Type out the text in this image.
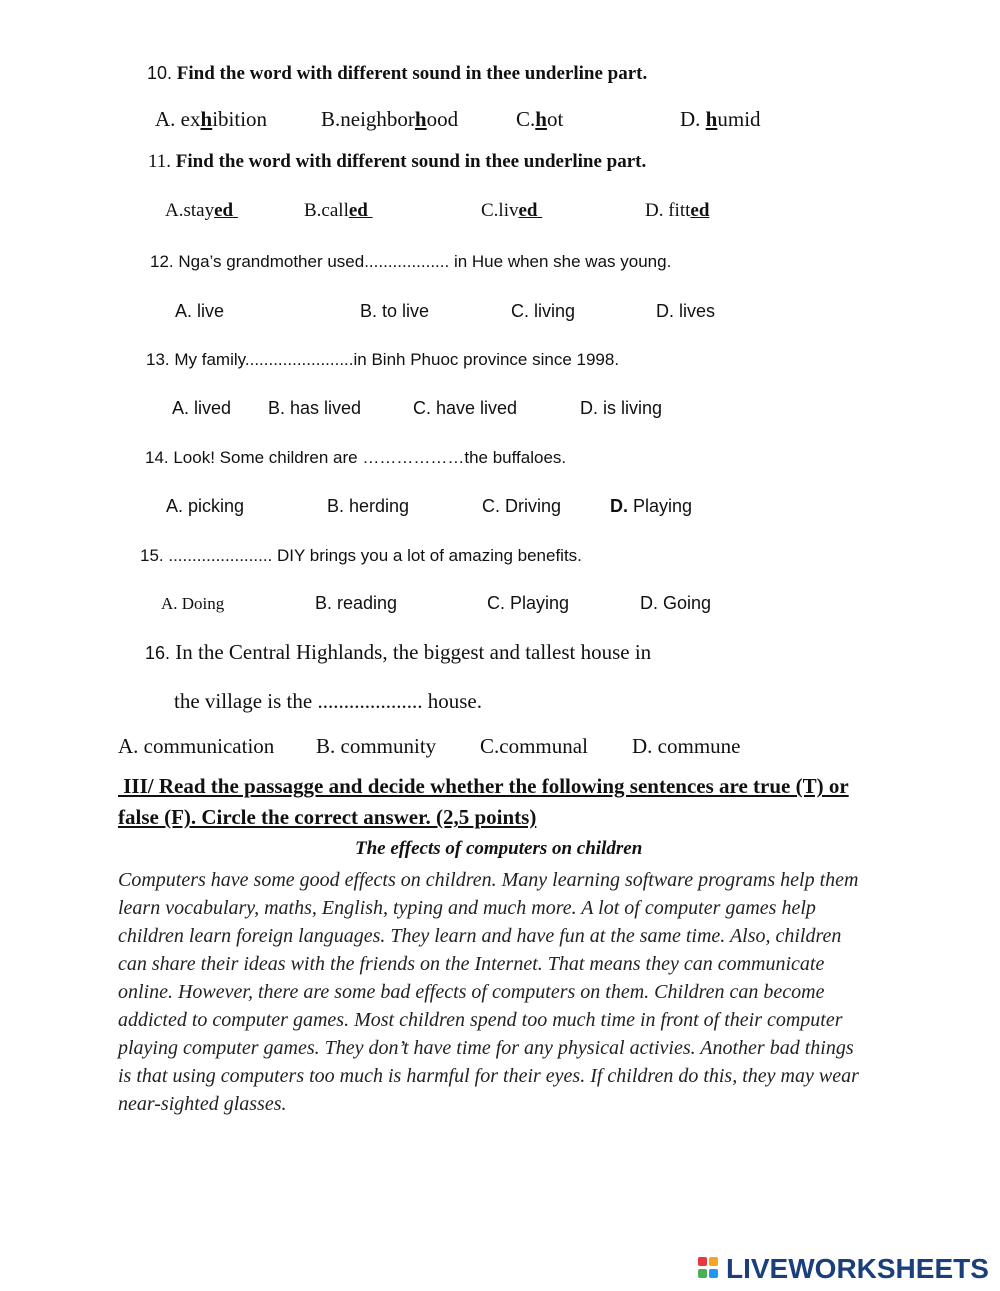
10. Find the word with different sound in thee underline part.
A. exhibition	B.neighborhood	C.hot	D. humid
11. Find the word with different sound in thee underline part.
A.stayed	B.called	C.lived	D. fitted
12. Nga’s grandmother used.................. in Hue when she was young.
A. live	B. to live	C. living	D. lives
13. My family.......................in Binh Phuoc province since 1998.
A. lived B. has lived	C. have lived	D. is living
14. Look! Some children are ………………the buffaloes.
A. picking	B. herding	C. Driving	D. Playing
15. ...................... DIY brings you a lot of amazing benefits.
A. Doing	B. reading	C. Playing	D. Going
16. In the Central Highlands, the biggest and tallest house in
the village is the .................... house.
A. communication B. community C.communal D. commune
III/ Read the passagge and decide whether the following sentences are true (T) or
false (F). Circle the correct answer. (2,5 points)
The effects of computers on children
Computers have some good effects on children. Many learning software programs help them
learn vocabulary, maths, English, typing and much more. A lot of computer games help
children learn foreign languages. They learn and have fun at the same time. Also, children
can share their ideas with the friends on the Internet. That means they can communicate
online. However, there are some bad effects of computers on them. Children can become
addicted to computer games. Most children spend too much time in front of their computer
playing computer games. They don’t have time for any physical activies. Another bad things
is that using computers too much is harmful for their eyes. If children do this, they may wear
near-sighted glasses.
LIVEWORKSHEETS
